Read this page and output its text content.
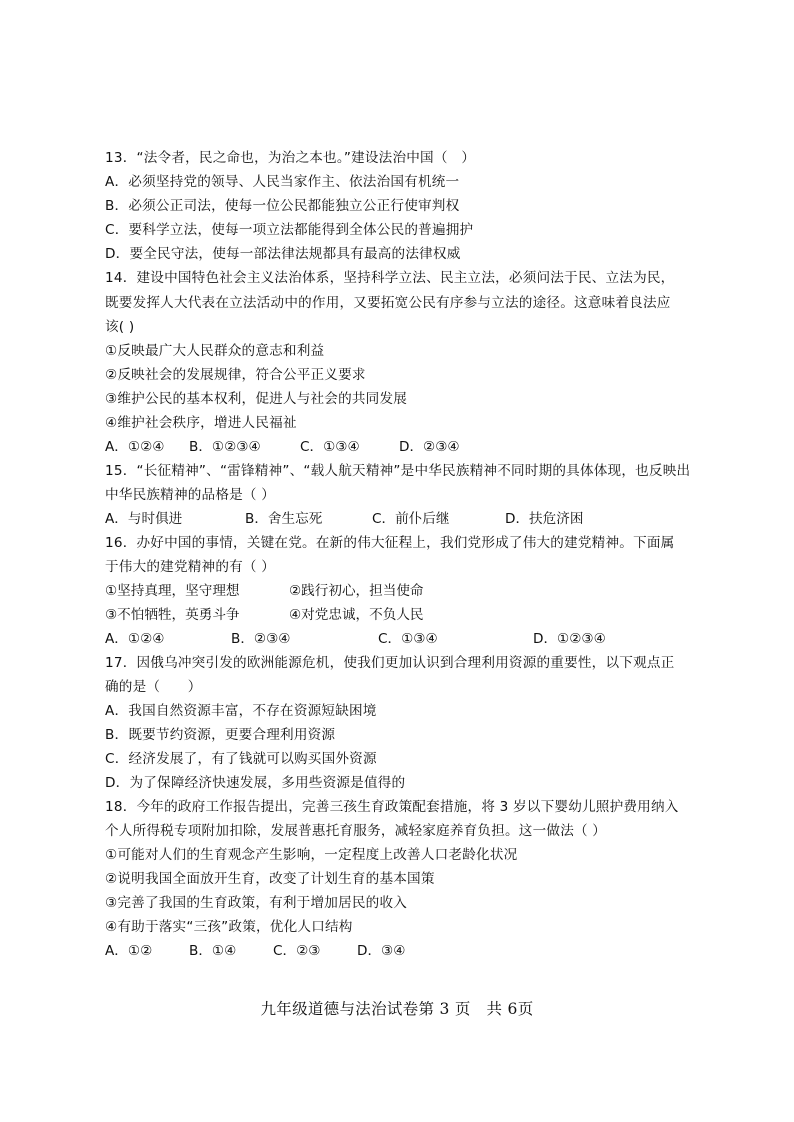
13．“法令者，民之命也，为治之本也。”建设法治中国（　）
A．必须坚持党的领导、人民当家作主、依法治国有机统一
B．必须公正司法，使每一位公民都能独立公正行使审判权
C．要科学立法，使每一项立法都能得到全体公民的普遍拥护
D．要全民守法，使每一部法律法规都具有最高的法律权威
14．建设中国特色社会主义法治体系，坚持科学立法、民主立法，必须问法于民、立法为民，
既要发挥人大代表在立法活动中的作用，又要拓宽公民有序参与立法的途径。这意味着良法应
该( )
①反映最广大人民群众的意志和利益
②反映社会的发展规律，符合公平正义要求
③维护公民的基本权利，促进人与社会的共同发展
④维护社会秩序，增进人民福祉
A．①②④ B．①②③④	C．①③④	D．②③④
15．“长征精神”、“雷锋精神”、“载人航天精神”是中华民族精神不同时期的具体体现，也反映出
中华民族精神的品格是（ ）
A．与时俱进	B．舍生忘死	C．前仆后继	D．扶危济困
16．办好中国的事情，关键在党。在新的伟大征程上，我们党形成了伟大的建党精神。下面属
于伟大的建党精神的有（ ）
①坚持真理，坚守理想	②践行初心，担当使命
③不怕牺牲，英勇斗争	④对党忠诚，不负人民
A．①②④	B．②③④	C．①③④	D．①②③④
17．因俄乌冲突引发的欧洲能源危机，使我们更加认识到合理利用资源的重要性，以下观点正
确的是（　　）
A．我国自然资源丰富，不存在资源短缺困境
B．既要节约资源，更要合理利用资源
C．经济发展了，有了钱就可以购买国外资源
D．为了保障经济快速发展，多用些资源是值得的
18．今年的政府工作报告提出，完善三孩生育政策配套措施，将 3 岁以下婴幼儿照护费用纳入
个人所得税专项附加扣除，发展普惠托育服务，减轻家庭养育负担。这一做法（ ）
①可能对人们的生育观念产生影响，一定程度上改善人口老龄化状况
②说明我国全面放开生育，改变了计划生育的基本国策
③完善了我国的生育政策，有利于增加居民的收入
④有助于落实“三孩”政策，优化人口结构
A．①②	B．①④	C．②③	D．③④
九年级道德与法治试卷第 3 页　共 6页
